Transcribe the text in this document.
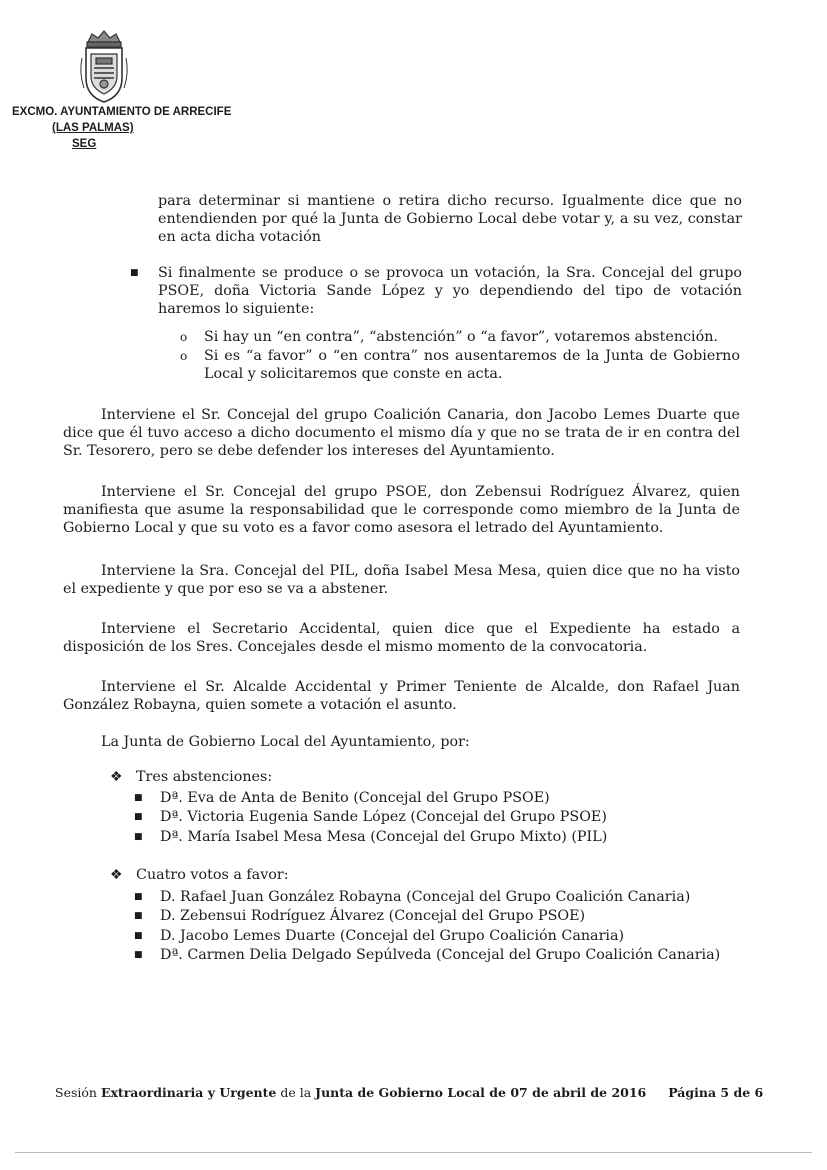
EXCMO. AYUNTAMIENTO DE ARRECIFE
(LAS PALMAS)
SEG
para determinar si mantiene o retira dicho recurso. Igualmente dice que no entendienden por qué la Junta de Gobierno Local debe votar y, a su vez, constar en acta dicha votación
■ Si finalmente se produce o se provoca un votación, la Sra. Concejal del grupo PSOE, doña Victoria Sande López y yo dependiendo del tipo de votación haremos lo siguiente:
o Si hay un “en contra”, “abstención” o “a favor”, votaremos abstención.
o Si es “a favor” o “en contra” nos ausentaremos de la Junta de Gobierno Local y solicitaremos que conste en acta.
Interviene el Sr. Concejal del grupo Coalición Canaria, don Jacobo Lemes Duarte que dice que él tuvo acceso a dicho documento el mismo día y que no se trata de ir en contra del Sr. Tesorero, pero se debe defender los intereses del Ayuntamiento.
Interviene el Sr. Concejal del grupo PSOE, don Zebensui Rodríguez Álvarez, quien manifiesta que asume la responsabilidad que le corresponde como miembro de la Junta de Gobierno Local y que su voto es a favor como asesora el letrado del Ayuntamiento.
Interviene la Sra. Concejal del PIL, doña Isabel Mesa Mesa, quien dice que no ha visto el expediente y que por eso se va a abstener.
Interviene el Secretario Accidental, quien dice que el Expediente ha estado a disposición de los Sres. Concejales desde el mismo momento de la convocatoria.
Interviene el Sr. Alcalde Accidental y Primer Teniente de Alcalde, don Rafael Juan González Robayna, quien somete a votación el asunto.
La Junta de Gobierno Local del Ayuntamiento, por:
❖ Tres abstenciones:
■ Dª. Eva de Anta de Benito (Concejal del Grupo PSOE)
■ Dª. Victoria Eugenia Sande López (Concejal del Grupo PSOE)
■ Dª. María Isabel Mesa Mesa (Concejal del Grupo Mixto) (PIL)
❖ Cuatro votos a favor:
■ D. Rafael Juan González Robayna (Concejal del Grupo Coalición Canaria)
■ D. Zebensui Rodríguez Álvarez (Concejal del Grupo PSOE)
■ D. Jacobo Lemes Duarte (Concejal del Grupo Coalición Canaria)
■ Dª. Carmen Delia Delgado Sepúlveda (Concejal del Grupo Coalición Canaria)
Sesión Extraordinaria y Urgente de la Junta de Gobierno Local de 07 de abril de 2016 Página 5 de 6
